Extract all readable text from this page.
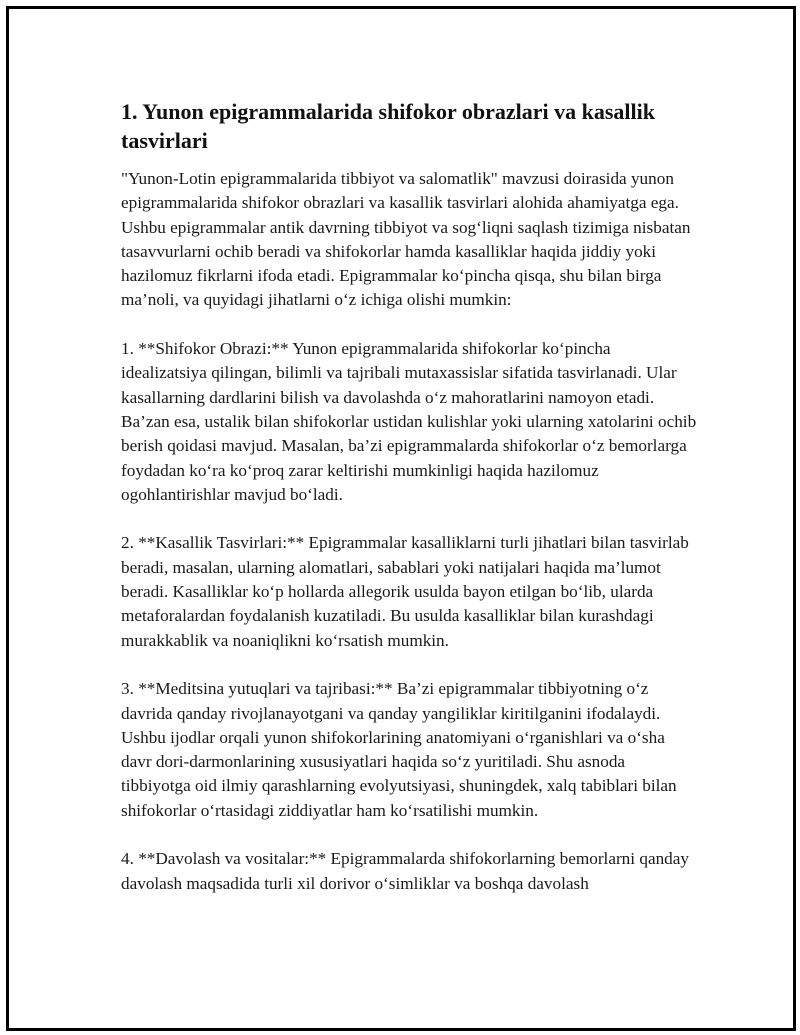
1. Yunon epigrammalarida shifokor obrazlari va kasallik tasvirlari

"Yunon-Lotin epigrammalarida tibbiyot va salomatlik" mavzusi doirasida yunon epigrammalarida shifokor obrazlari va kasallik tasvirlari alohida ahamiyatga ega. Ushbu epigrammalar antik davrning tibbiyot va sog‘liqni saqlash tizimiga nisbatan tasavvurlarni ochib beradi va shifokorlar hamda kasalliklar haqida jiddiy yoki hazilomuz fikrlarni ifoda etadi. Epigrammalar ko‘pincha qisqa, shu bilan birga ma’noli, va quyidagi jihatlarni o‘z ichiga olishi mumkin:

1. **Shifokor Obrazi:** Yunon epigrammalarida shifokorlar ko‘pincha idealizatsiya qilingan, bilimli va tajribali mutaxassislar sifatida tasvirlanadi. Ular kasallarning dardlarini bilish va davolashda o‘z mahoratlarini namoyon etadi. Ba’zan esa, ustalik bilan shifokorlar ustidan kulishlar yoki ularning xatolarini ochib berish qoidasi mavjud. Masalan, ba’zi epigrammalarda shifokorlar o‘z bemorlarga foydadan ko‘ra ko‘proq zarar keltirishi mumkinligi haqida hazilomuz ogohlantirishlar mavjud bo‘ladi.

2. **Kasallik Tasvirlari:** Epigrammalar kasalliklarni turli jihatlari bilan tasvirlab beradi, masalan, ularning alomatlari, sabablari yoki natijalari haqida ma’lumot beradi. Kasalliklar ko‘p hollarda allegorik usulda bayon etilgan bo‘lib, ularda metaforalardan foydalanish kuzatiladi. Bu usulda kasalliklar bilan kurashdagi murakkablik va noaniqlikni ko‘rsatish mumkin.

3. **Meditsina yutuqlari va tajribasi:** Ba’zi epigrammalar tibbiyotning o‘z davrida qanday rivojlanayotgani va qanday yangiliklar kiritilganini ifodalaydi. Ushbu ijodlar orqali yunon shifokorlarining anatomiyani o‘rganishlari va o‘sha davr dori-darmonlarining xususiyatlari haqida so‘z yuritiladi. Shu asnoda tibbiyotga oid ilmiy qarashlarning evolyutsiyasi, shuningdek, xalq tabiblari bilan shifokorlar o‘rtasidagi ziddiyatlar ham ko‘rsatilishi mumkin.

4. **Davolash va vositalar:** Epigrammalarda shifokorlarning bemorlarni qanday davolash maqsadida turli xil dorivor o‘simliklar va boshqa davolash
